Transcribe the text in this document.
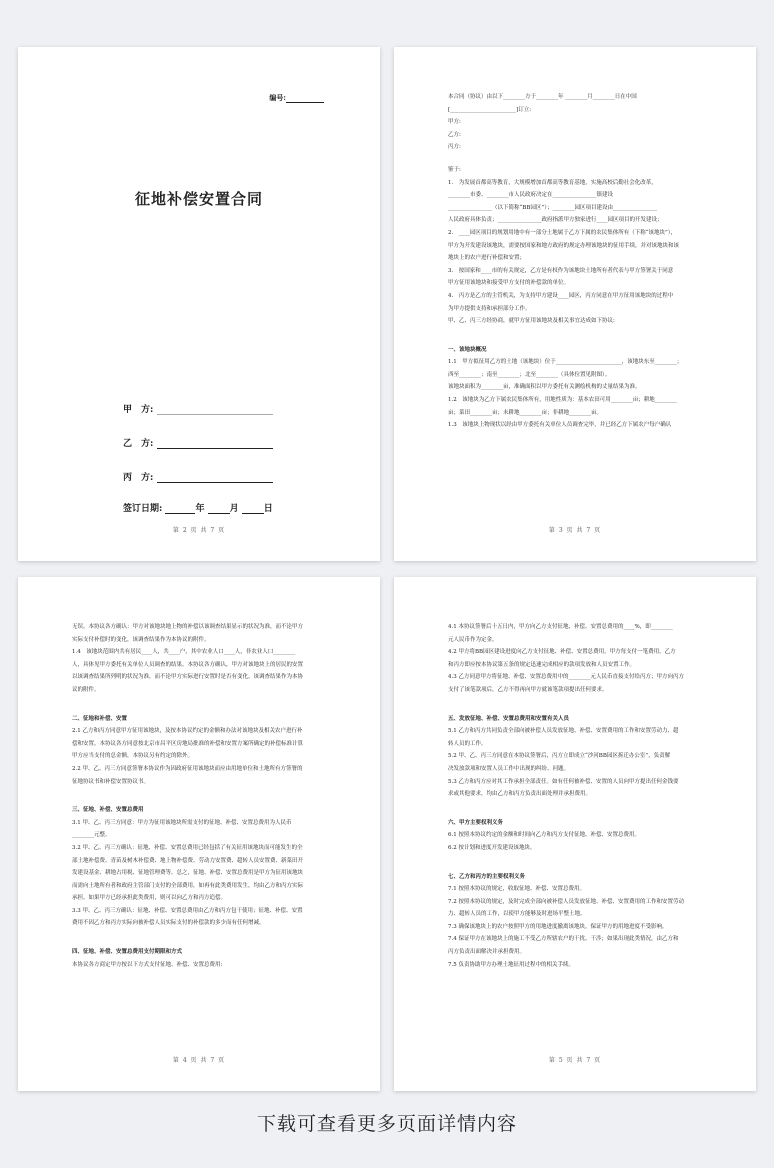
编号:
征地补偿安置合同
甲　方:
乙　方:
丙　方:
签订日期:	年	月	日
第 2 页 共 7 页

本合同（协议）由以下________方于________年 ________月________日在中国

[________________________]订立:

甲方:

乙方:

丙方:

鉴于:

1.　为发展首都高等教育，大规模增加首都高等教育基地，实施高校后勤社会化改革，

________市委、________市人民政府决定在________________镇建设

________________（以下简称“BB园区”）；________园区项目建设由________________

人民政府具体负责；________________政府指派甲方独家进行____园区项目的开发建设；

2.　____园区项目的规划用地中有一部分土地属于乙方下属的农民集体所有（下称“该地块”），

甲方为开发建设该地块，需要按国家和地方政府的规定办理该地块的征用手续，并对该地块和该

地块上的农户进行补偿和安置；

3.　按国家和____市的有关规定，乙方是有权作为该地块土地所有者代表与甲方签署关于同意

甲方征用该地块和接受甲方支付的补偿款的单位。

4.　丙方是乙方的主管机关，为支持甲方建设____园区，丙方同意在甲方征用该地块的过程中

为甲方提供支持和承担部分工作。

甲、乙、丙三方经协商，就甲方征用该地块及相关事宜达成如下协议:

一、该地块概况

1.1　甲方拟征用乙方的土地（该地块）位于________________________，该地块东至________；

西至________；南至________；北至________（具体位置见附图）。

该地块面积为________亩，准确面积以甲方委托有关测绘机构的丈量结果为准。

1.2　该地块为乙方下属农民集体所有，用地性质为：基本农田可用________亩；耕地________

亩；菜田________亩；未耕地________亩；非耕地________亩。

1.3　该地块上物现状以经由甲方委托有关单位人员调查完毕，并已经乙方下属农户每户确认

第 3 页 共 7 页

无误。本协议各方确认：甲方对该地块地上物的补偿以该调查结果显示的状况为准，而不论甲方

实际支付补偿时的变化，该调查结果作为本协议的附件。

1.4　该地块范围内共有居民____人，共____户，其中农业人口____人，非农业人口________

人，具体见甲方委托有关单位人员调查的结果。本协议各方确认，甲方对该地块上的居民的安置

以该调查结果所列明的状况为准，而不论甲方实际进行安置时是否有变化。该调查结果作为本协

议的附件。

二、征地和补偿、安置

2.1 乙方和丙方同意甲方征用该地块，及按本协议约定的金额和办法对该地块及相关农户进行补

偿和安置。本协议各方同意按北京市昌平区房地局批准的补偿和安置方案所确定的补偿标准计算

甲方应当支付的总金额，本协议另有约定的除外。

2.2 甲、乙、丙三方同意签署本协议作为因政府征用该地块而应由用地单位和土地所有方签署的

征地协议书和补偿安置协议书。

三、征地、补偿、安置总费用

3.1 甲、乙、丙三方同意：甲方为征用该地块所需支付的征地、补偿、安置总费用为人民币

________元整。

3.2 甲、乙、丙三方确认：征地、补偿、安置总费用已经包括了有关征用该地块而可能发生的全

部土地补偿费、青苗及树木补偿费、地上物补偿费、劳动力安置费、超转人员安置费、新菜田开

发建设基金、耕地占用税、征地管理费等。总之，征地、补偿、安置总费用是甲方为征用该地块

而需向土地所有者和政府主管部门支付的全部费用，如再有此类费用发生，均由乙方和丙方实际

承担。如果甲方已经承担此类费用，则可以向乙方和丙方追偿。

3.3 甲、乙、丙三方确认：征地、补偿、安置总费用由乙方和丙方包干使用；征地、补偿、安置

费用不因乙方和丙方实际向被补偿人员实际支付的补偿款的多少而有任何增减。

四、征地、补偿、安置总费用支付期限和方式

本协议各方商定甲方按以下方式支付征地、补偿、安置总费用:

第 4 页 共 7 页

4.1 本协议签署后十五日内，甲方向乙方支付征地、补偿、安置总费用的____%，即________

元人民币作为定金。

4.2 甲方将BB园区建设进度向乙方支付征地、补偿、安置总费用，甲方每支付一笔费用，乙方

和丙方即应按本协议第五条的规定迅速完成相应的款项发放和人员安置工作。

4.3 乙方同意甲方将征地、补偿、安置总费用中的________元人民币直接支付给丙方；甲方向丙方

支付了该笔款项后，乙方不得再向甲方就该笔款项提出任何要求。

五、发放征地、补偿、安置总费用和安置有关人员

5.1 乙方和丙方共同负责全部向被补偿人员发放征地、补偿、安置费用的工作和安置劳动力、超

转人员的工作。

5.2 甲、乙、丙三方同意在本协议签署后，丙方立即成立“沙河BB园区拆迁办公室”，负责解

决发放款项和安置人员工作中出现的纠纷、问题。

5.3 乙方和丙方应对其工作承担全部责任。如有任何被补偿、安置的人员向甲方提出任何金钱要

求或其他要求，均由乙方和丙方负责出面处理并承担费用。

六、甲方主要权利义务

6.1 按照本协议约定的金额和时间向乙方和丙方支付征地、补偿、安置总费用。

6.2 按计划和进度开发建设该地块。

七、乙方和丙方的主要权利义务

7.1 按照本协议的规定，收取征地、补偿、安置总费用。

7.2 按照本协议的规定，及时完成全部向被补偿人员发放征地、补偿、安置费用的工作和安置劳动

力、超转人员的工作，以使甲方能够及时进场平整土地。

7.3 确保该地块上的农户按照甲方的用地进度撤离该地块，保证甲方的用地进度不受影响。

7.4 保证甲方在该地块上的施工不受乙方所辖农户的干扰、干涉；如果出现此类情况，由乙方和

丙方负责出面解决并承担费用。

7.5 负责协助甲方办理土地征用过程中的相关手续。

第 5 页 共 7 页
下载可查看更多页面详情内容
